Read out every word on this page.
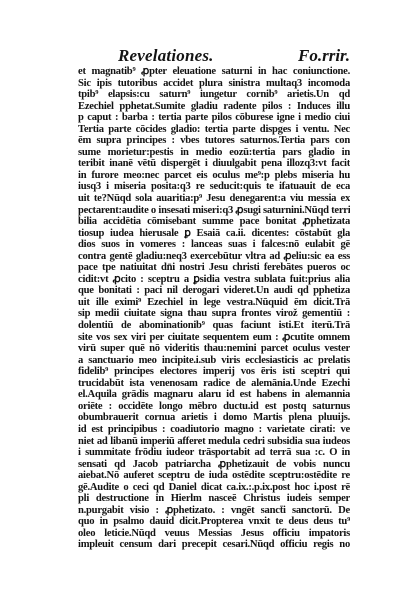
Revelationes.	Fo.rrir.
et magnatib⁹ ꝓpter eleuatione saturni in hac coniunctione.
Sic ipis tutoribus accidet plura sinistra multaq3 incomoda
tpib⁹ elapsis:cu saturn⁹ iungetur cornib⁹ arietis.Un qd
Ezechiel pphetat.Sumite gladiu radente pilos : Induces illu
p caput : barba : tertia parte pilos cōburese igne i medio ciui
Tertia parte cōcides gladio: tertia parte dispges i ventu. Nec
ēm supra principes : vbes tutores saturnos.Tertia pars con
sume morietur:pestis in medio eozū:tertia pars gladio in
teribit inanē vētū dispergēt i diuulgabit pena illozq3:vt facit
in furore meo:nec parcet eis oculus me⁹:p plebs miseria hu
iusq3 i miseria posita:q3 re seducit:quis te ifatuauit de eca
uit te?Nūqd sola auaritia:p⁹ Jesu denegarent:a viu messia ex
pectarent:audite o insesati miseri:q3 ꝓsugi saturnini.Nūqd terri
bilia accidētia cōmisebant summe pace bonitat ꝓphetizata
tiosup iudea hierusale ꝑ Esaiā ca.ii. dicentes: cōstabūt gla
dios suos in vomeres : lanceas suas i falces:nō eulabit gē
contra gentē gladiu:neq3 exercebūtur vltra ad ꝓeliu:sic ea ess
pace tpe natiuitat dn̄i nostri Jesu christi ferebātes pueros oc
cidit:vt ꝓcito : sceptru a ꝑsidia vestra sublata fuit:prius alia
que bonitati : paci nil derogari videret.Un audi qd pphetiza
uit ille eximi⁹ Ezechiel in lege vestra.Nūquid ēm dicit.Trā
sip medii ciuitate signa thau supra frontes virož gementiū :
dolentiū de abominationib⁹ quas faciunt isti.Et iterū.Trā
site vos sex viri per ciuitate sequentem eum : ꝓcutite omnem
virū super quē nō videritis thau:nemini parcet oculus vester
a sanctuario meo incipite.i.sub viris ecclesiasticis ac prelatis
fidelib⁹ principes electores imperij vos ēris isti sceptri qui
trucidabūt ista venenosam radice de alemānia.Unde Ezechi
el.Aquila grādis magnaru alaru id est habens in alemannia
oriēte : occidēte longo mēbro ductu.id est postq saturnus
obumbrauerit cornua arietis i domo Martis plena pluuijs.
id est principibus : coadiutorio magno : varietate cirati: ve
niet ad libanū imperiū afferet medula cedri subsidia sua iudeos
i summitate frōdiu iudeor trāsportabit ad terrā sua :c. O in
sensati qd Jacob patriarcha ꝓphetizauit de vobis nuncu
aiebat.Nō auferet sceptru de iuda ostēdite sceptru:ostēdite re
gē.Audite o ceci qd Daniel dicat ca.ix.:.p.ix.post hoc i.post rē
pli destructione in Hierlm nasceē Christus iudeis semper
n.purgabit visio : ꝓphetizato. : vngēt sanct̄i sanctorū. De
quo in psalmo dauid dicit.Propterea vnxit te deus deus tu⁹
oleo leticie.Nūqd veuus Messias Jesus officiu impatoris
impleuit censum dari precepit cesari.Nūqd officiu regis no
